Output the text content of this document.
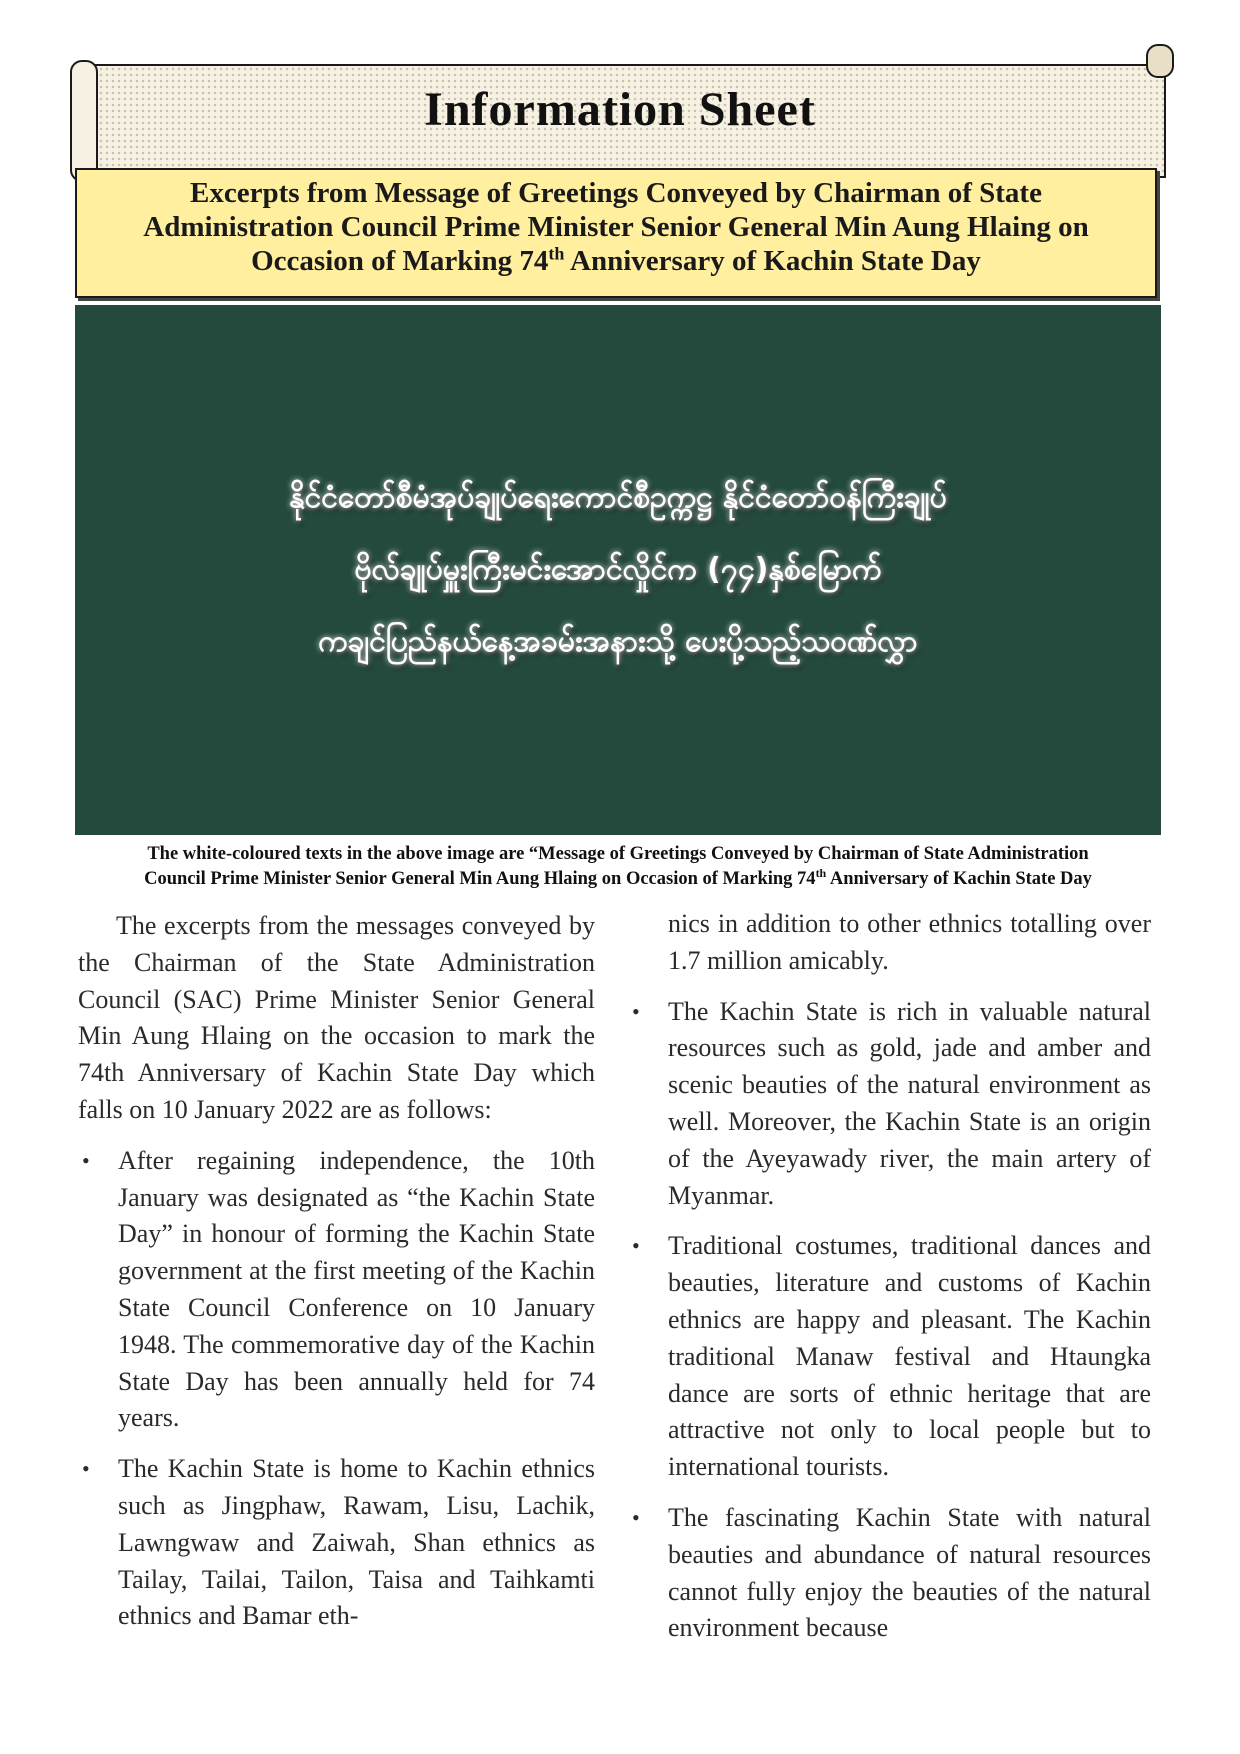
Information Sheet
Excerpts from Message of Greetings Conveyed by Chairman of State
Administration Council Prime Minister Senior General Min Aung Hlaing on
Occasion of Marking 74th Anniversary of Kachin State Day
နိုင်ငံတော်စီမံအုပ်ချုပ်ရေးကောင်စီဥက္ကဋ္ဌ နိုင်ငံတော်ဝန်ကြီးချုပ်
ဗိုလ်ချုပ်မှူးကြီးမင်းအောင်လှိုင်က (၇၄)နှစ်မြောက်
ကချင်ပြည်နယ်နေ့အခမ်းအနားသို့ ပေးပို့သည့်သဝဏ်လွှာ
The white-coloured texts in the above image are “Message of Greetings Conveyed by Chairman of State Administration
Council Prime Minister Senior General Min Aung Hlaing on Occasion of Marking 74th Anniversary of Kachin State Day

The excerpts from the messages conveyed by the Chairman of the State Administration Council (SAC) Prime Minister Senior General Min Aung Hlaing on the occasion to mark the 74th Anniversary of Kachin State Day which falls on 10 January 2022 are as follows:

• After regaining independence, the 10th January was designated as “the Kachin State Day” in honour of forming the Kachin State government at the first meeting of the Kachin State Council Conference on 10 January 1948. The commemorative day of the Kachin State Day has been annually held for 74 years.

• The Kachin State is home to Kachin ethnics such as Jingphaw, Rawam, Lisu, Lachik, Lawngwaw and Zaiwah, Shan ethnics as Tailay, Tailai, Tailon, Taisa and Taihkamti ethnics and Bamar eth-

nics in addition to other ethnics totalling over 1.7 million amicably.

• The Kachin State is rich in valuable natural resources such as gold, jade and amber and scenic beauties of the natural environment as well. Moreover, the Kachin State is an origin of the Ayeyawady river, the main artery of Myanmar.

• Traditional costumes, traditional dances and beauties, literature and customs of Kachin ethnics are happy and pleasant. The Kachin traditional Manaw festival and Htaungka dance are sorts of ethnic heritage that are attractive not only to local people but to international tourists.

• The fascinating Kachin State with natural beauties and abundance of natural resources cannot fully enjoy the beauties of the natural environment because
